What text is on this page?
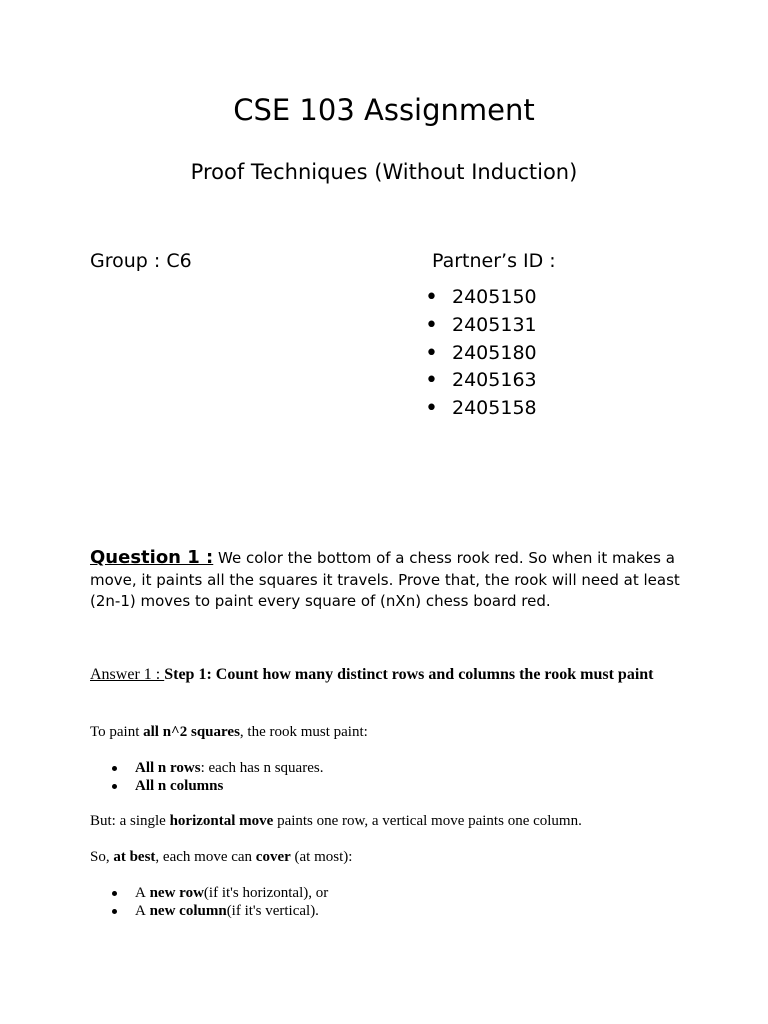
CSE 103 Assignment
Proof Techniques (Without Induction)
Group : C6	Partner’s ID :
• 2405150
• 2405131
• 2405180
• 2405163
• 2405158
Question 1 : We color the bottom of a chess rook red. So when it makes a move, it paints all the squares it travels. Prove that, the rook will need at least (2n-1) moves to paint every square of (nXn) chess board red.
Answer 1 : Step 1: Count how many distinct rows and columns the rook must paint
To paint all n^2 squares, the rook must paint:
All n rows : each has n squares.
All n columns
But: a single horizontal move paints one row, a vertical move paints one column.
So, at best, each move can cover (at most):
A
new row (if it's horizontal), or
A
new column (if it's vertical).
